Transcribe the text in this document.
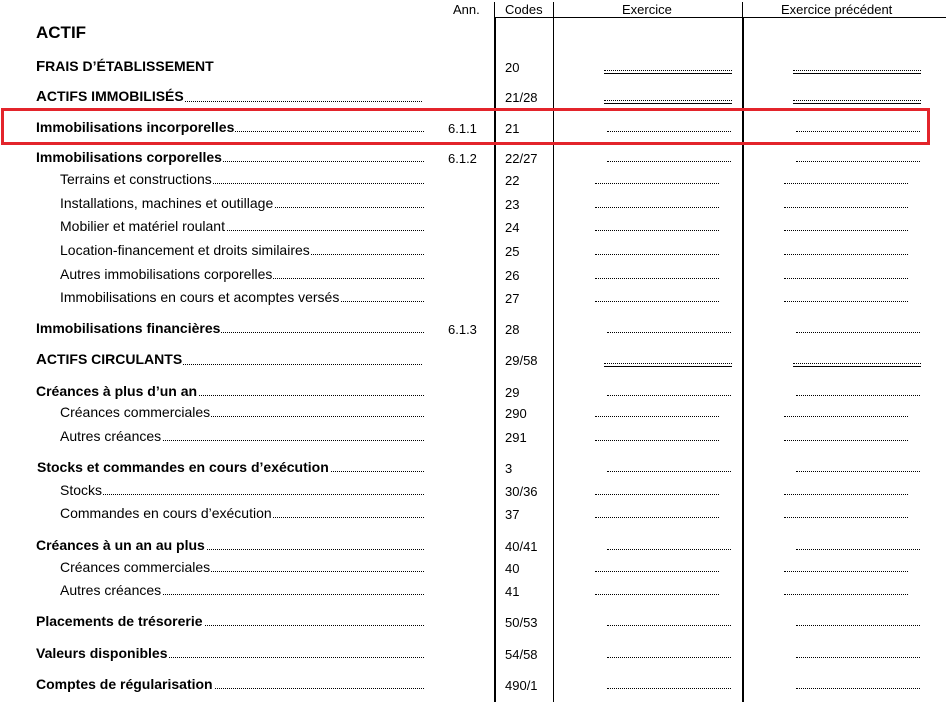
Ann. Codes	Exercice	Exercice précédent
ACTIF
FRAIS D’ÉTABLISSEMENT	20
ACTIFS IMMOBILISÉS	21/28
Immobilisations incorporelles	6.1.1 21
Immobilisations corporelles	6.1.2 22/27
Terrains et constructions	22
Installations, machines et outillage	23
Mobilier et matériel roulant	24
Location-financement et droits similaires	25
Autres immobilisations corporelles	26
Immobilisations en cours et acomptes versés	27
Immobilisations financières	6.1.3 28
ACTIFS CIRCULANTS	29/58
Créances à plus d’un an	29
Créances commerciales	290
Autres créances	291
Stocks et commandes en cours d’exécution	3
Stocks	30/36
Commandes en cours d’exécution	37
Créances à un an au plus	40/41
Créances commerciales	40
Autres créances	41
Placements de trésorerie	50/53
Valeurs disponibles	54/58
Comptes de régularisation	490/1
